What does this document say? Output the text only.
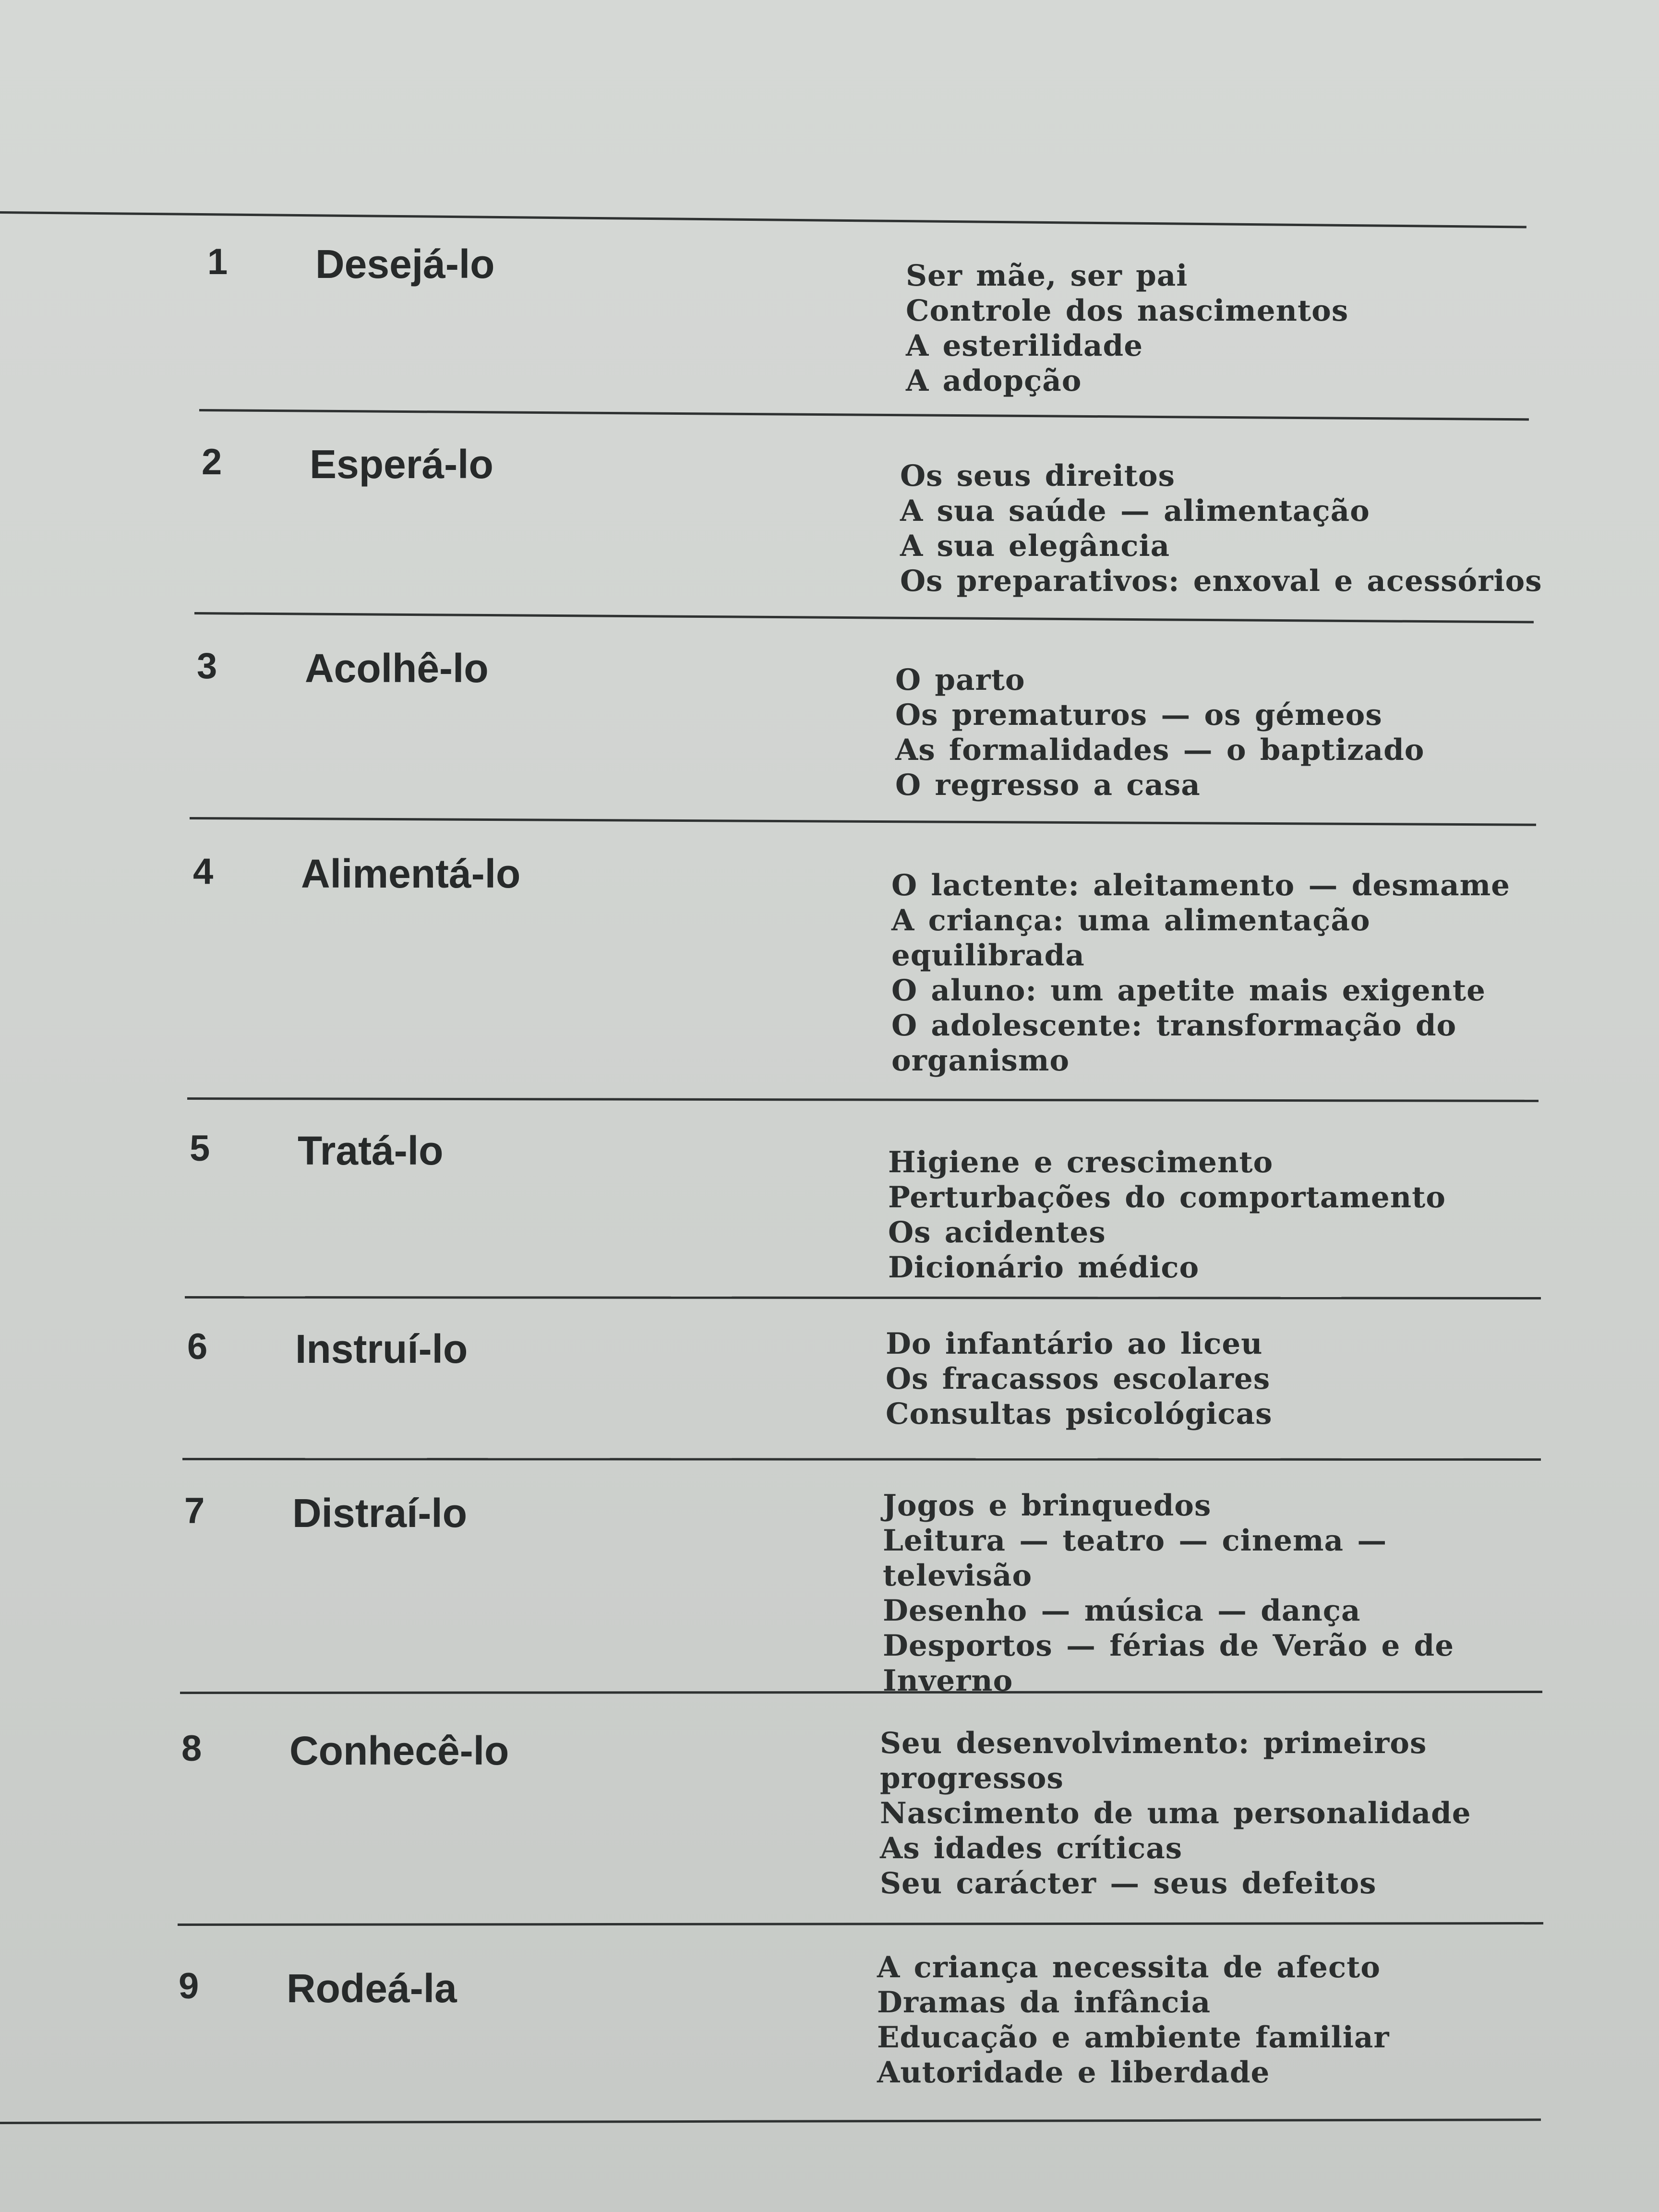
1 Desejá-lo	Ser mãe, ser pai
Controle dos nascimentos
A esterilidade
A adopção
2 Esperá-lo	Os seus direitos
A sua saúde — alimentação
A sua elegância
Os preparativos: enxoval e acessórios
3 Acolhê-lo	O parto
Os prematuros — os gémeos
As formalidades — o baptizado
O regresso a casa
4 Alimentá-lo	O lactente: aleitamento — desmame
A criança: uma alimentação equilibrada
O aluno: um apetite mais exigente
O adolescente: transformação do organismo
5 Tratá-lo	Higiene e crescimento
Perturbações do comportamento
Os acidentes
Dicionário médico
6 Instruí-lo	Do infantário ao liceu
Os fracassos escolares
Consultas psicológicas
7 Distraí-lo	Jogos e brinquedos
Leitura — teatro — cinema — televisão
Desenho — música — dança
Desportos — férias de Verão e de Inverno
8 Conhecê-lo	Seu desenvolvimento: primeiros progressos
Nascimento de uma personalidade
As idades críticas
Seu carácter — seus defeitos
9 Rodeá-la	A criança necessita de afecto
Dramas da infância
Educação e ambiente familiar
Autoridade e liberdade
